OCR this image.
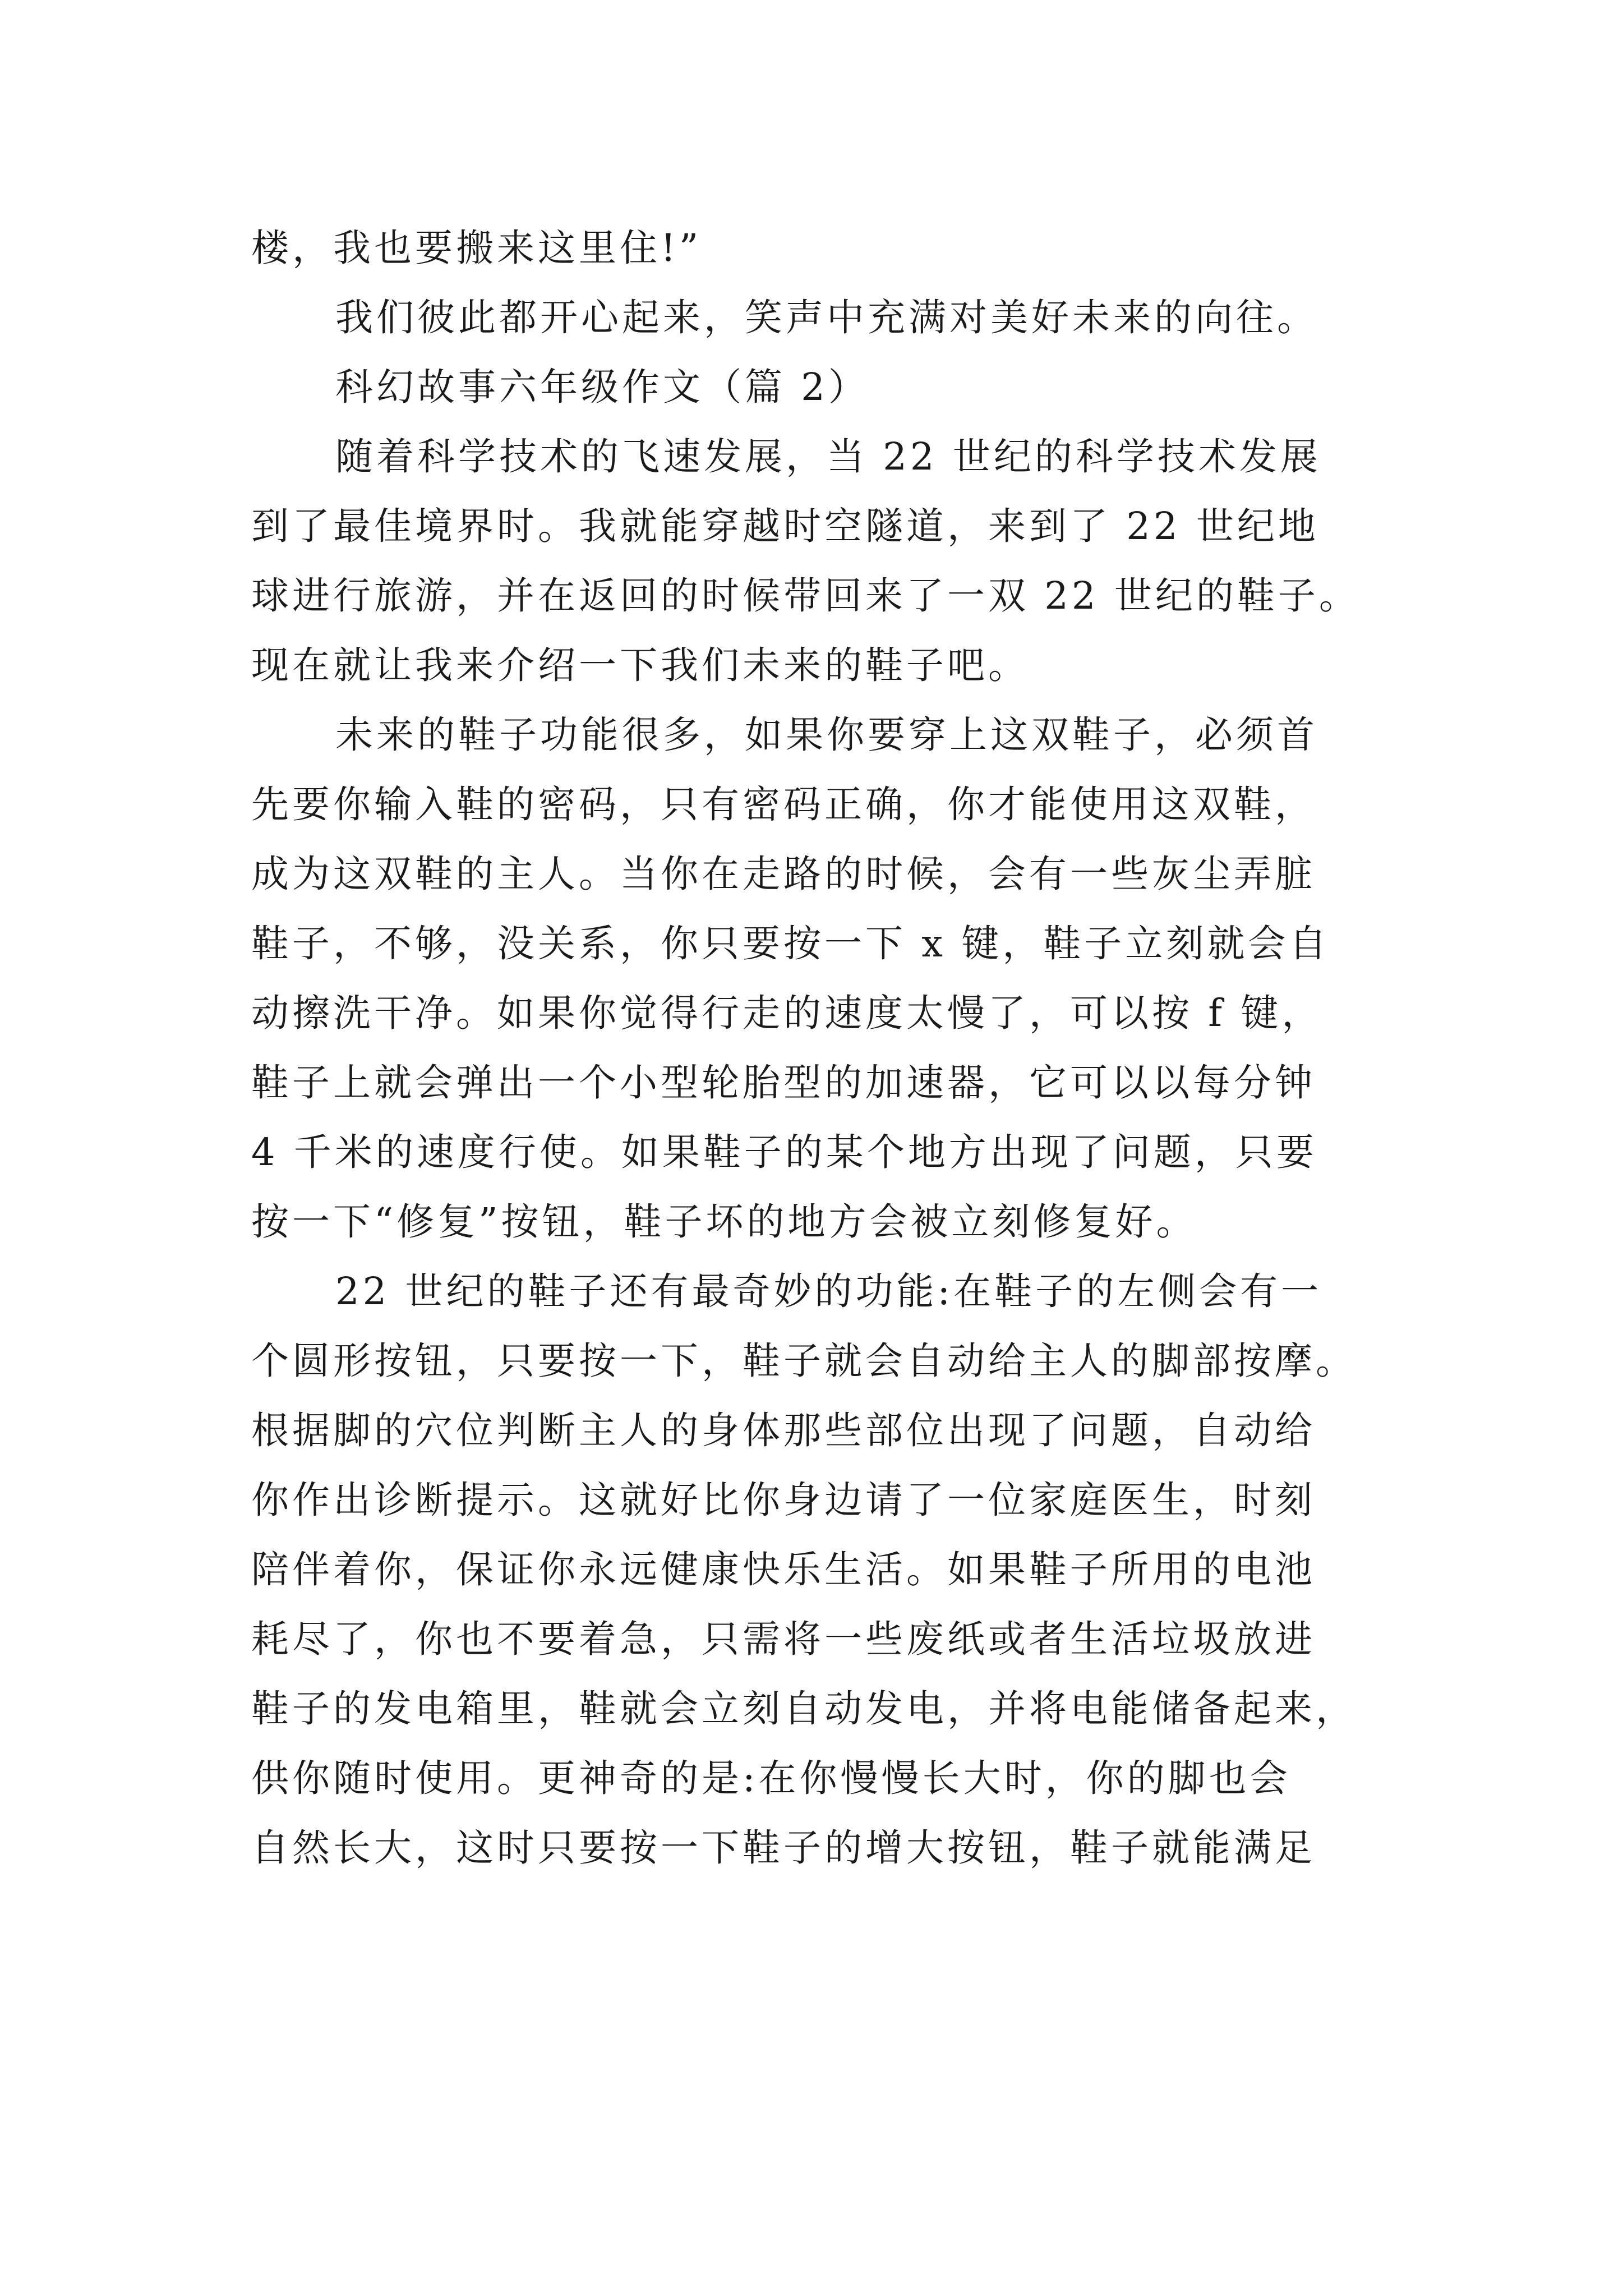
楼，我也要搬来这里住!”
我们彼此都开心起来，笑声中充满对美好未来的向往。
科幻故事六年级作文（篇 2）
随着科学技术的飞速发展，当 22 世纪的科学技术发展
到了最佳境界时。我就能穿越时空隧道，来到了 22 世纪地
球进行旅游，并在返回的时候带回来了一双 22 世纪的鞋子。
现在就让我来介绍一下我们未来的鞋子吧。
未来的鞋子功能很多，如果你要穿上这双鞋子，必须首
先要你输入鞋的密码，只有密码正确，你才能使用这双鞋，
成为这双鞋的主人。当你在走路的时候，会有一些灰尘弄脏
鞋子，不够，没关系，你只要按一下 x 键，鞋子立刻就会自
动擦洗干净。如果你觉得行走的速度太慢了，可以按 f 键，
鞋子上就会弹出一个小型轮胎型的加速器，它可以以每分钟
4 千米的速度行使。如果鞋子的某个地方出现了问题，只要
按一下“修复”按钮，鞋子坏的地方会被立刻修复好。
22 世纪的鞋子还有最奇妙的功能:在鞋子的左侧会有一
个圆形按钮，只要按一下，鞋子就会自动给主人的脚部按摩。
根据脚的穴位判断主人的身体那些部位出现了问题，自动给
你作出诊断提示。这就好比你身边请了一位家庭医生，时刻
陪伴着你，保证你永远健康快乐生活。如果鞋子所用的电池
耗尽了，你也不要着急，只需将一些废纸或者生活垃圾放进
鞋子的发电箱里，鞋就会立刻自动发电，并将电能储备起来，
供你随时使用。更神奇的是:在你慢慢长大时，你的脚也会
自然长大，这时只要按一下鞋子的增大按钮，鞋子就能满足
